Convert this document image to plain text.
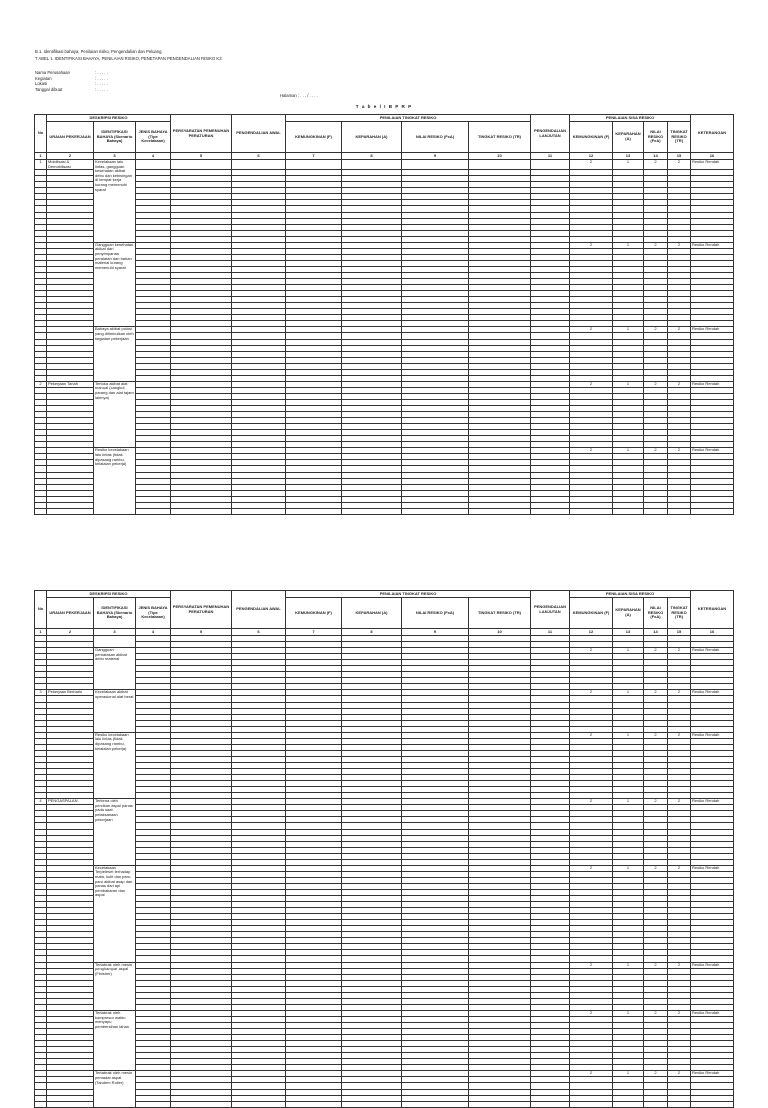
B.1. Identifikasi bahaya, Penilaian risiko, Pengendalian dan Peluang.
T ABEL 1. IDENTIFIKASI BAHAYA, PENILAIAN RISIKO, PENETAPAN PENGENDALIAN RISIKO K3
Nama Perusahaan	: . . . . .
Kegiatan	: . . . . .
Lokasi	: . . . . .
Tanggal dibuat	: . . . . .
Halaman : . . . / . . . .
T a b e l I B P R P
No	DESKRIPSI RESIKO			PERSYARATAN PEMENUHAN PERATURAN	PENGENDALIAN AWAL	PENILAIAN TINGKAT RESIKO				PENGENDALIAN LANJUTAN	PENILAIAN SISA RESIKO				KETERANGAN
	URAIAN PEKERJAAN	IDENTIFIKASI BAHAYA (Skenario Bahaya)	JENIS BAHAYA (Tipe Kecelakaan)			KEMUNGKINAN (F)	KEPARAHAN (A)	NILAI RESIKO (FxA)	TINGKAT RESIKO (TR)		KEMUNGKINAN (F)	KEPARAHAN (A)	NILAI RESIKO (FxA)	TINGKAT RESIKO (TR)	
1	2	3	4	5	6	7	8	9	10	11	12	13	14	15	16
1	Mobilisasi & Demobilisasi	Kecelakaan lalu lintas, gangguan kesehatan akibat debu dan kebisingan di tempat kerja kurang memenuhi syarat									2	1	2	2	Resiko Rendah

		Gangguan kesehatan akibat dari penyimpanan peralatan dan bahan material kurang memenuhi syarat									2	1	2	2	Resiko Rendah

		Bahaya akibat polusi yang ditimbulkan oleh kegiatan pekerjaan									2	1	2	2	Resiko Rendah

2	Pekerjaan Tanah	Tertuka akibat alat manual (cangkul, parang dan alat tajam lainnya)									2	1	2	2	Resiko Rendah

		Resiko kecelakaan lalu lintas (tidak dipasang rambu, kelalaian pekerja)									2	1	2	2	Resiko Rendah

No	DESKRIPSI RESIKO			PERSYARATAN PEMENUHAN PERATURAN	PENGENDALIAN AWAL	PENILAIAN TINGKAT RESIKO				PENGENDALIAN LANJUTAN	PENILAIAN SISA RESIKO				KETERANGAN
	URAIAN PEKERJAAN	IDENTIFIKASI BAHAYA (Skenario Bahaya)	JENIS BAHAYA (Tipe Kecelakaan)			KEMUNGKINAN (F)	KEPARAHAN (A)	NILAI RESIKO (FxA)	TINGKAT RESIKO (TR)		KEMUNGKINAN (F)	KEPARAHAN (A)	NILAI RESIKO (FxA)	TINGKAT RESIKO (TR)	
1	2	3	4	5	6	7	8	9	10	11	12	13	14	15	16

		Gangguan pernafasan akibat debu material									2	1	2	2	Resiko Rendah

3	Pekerjaan Berbaris	Kecelakaan akibat operasional alat berat									2	1	2	2	Resiko Rendah

		Resiko kecelakaan lalu lintas (tidak dipasang rambu, kelalaian pekerja)									2	1	2	2	Resiko Rendah

4	PENGASPALAN	Terkena oleh percikan aspal panas pada saat pelaksanaan pekerjaan									2	1	2	2	Resiko Rendah

		Kecelakaan Terpeleset terhadap mata, kulit dan paru-paru akibat asap dan panas dari api pembakaran dan aspal									2	1	2	2	Resiko Rendah

		Tertabrak oleh mesin penghampar aspal (Finisher)									2	1	2	2	Resiko Rendah

		Tertabrak oleh kompresor waktu menyapu pembersihan lahan									2	1	2	2	Resiko Rendah

		Tertabrak oleh mesin pemadat aspal (Tandem Roller)									2	1	2	2	Resiko Rendah
